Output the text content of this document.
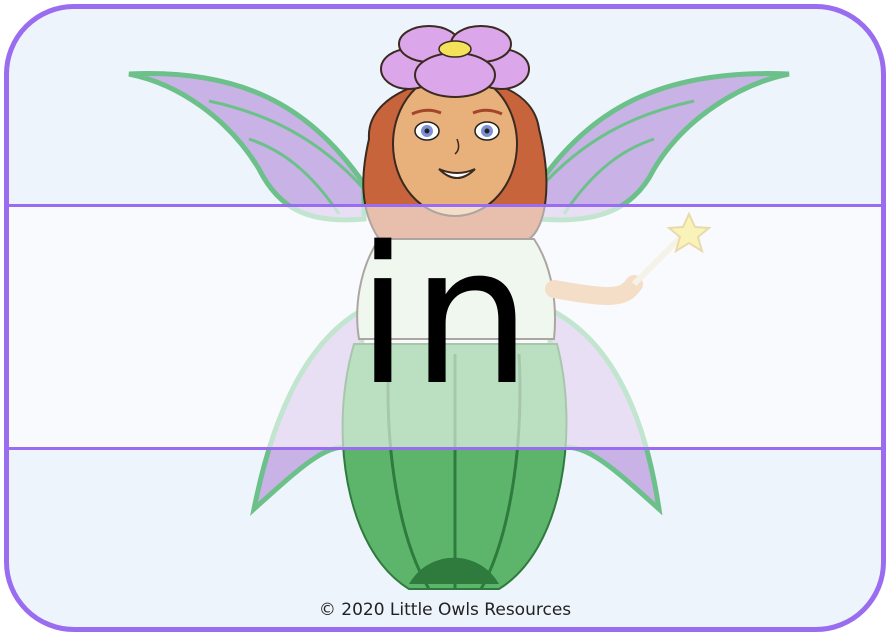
in
© 2020 Little Owls Resources
